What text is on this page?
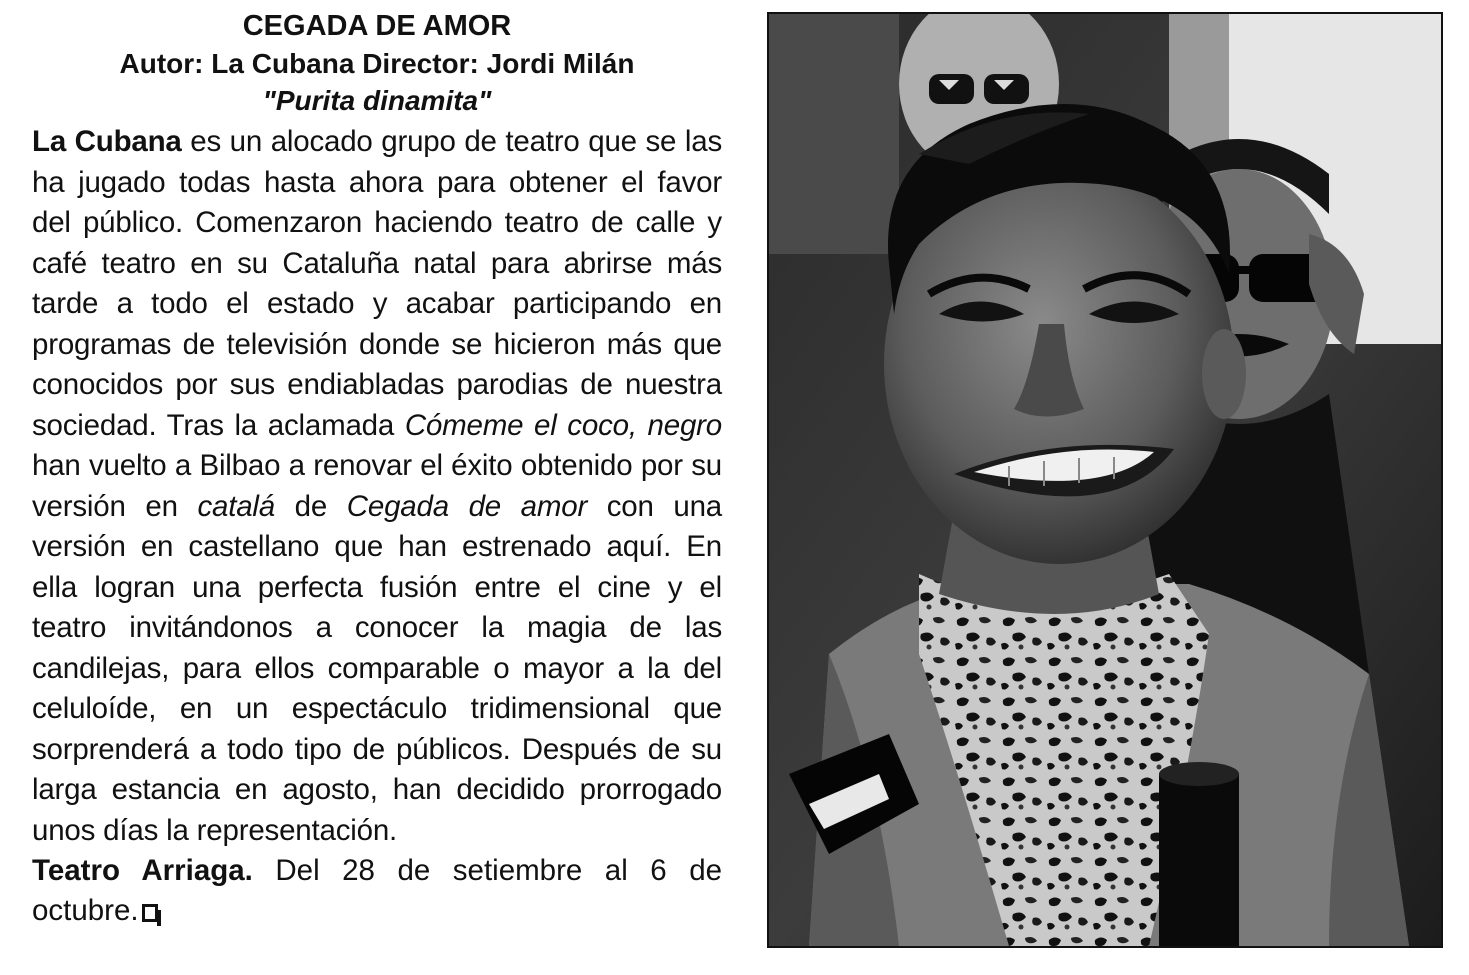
CEGADA DE AMOR
Autor: La Cubana Director: Jordi Milán
"Purita dinamita"

La Cubana es un alocado grupo de teatro que se las ha jugado todas hasta ahora para obtener el favor del público. Comenzaron haciendo teatro de calle y café teatro en su Cataluña natal para abrirse más tarde a todo el estado y acabar participando en programas de televisión donde se hicieron más que conocidos por sus endiabladas parodias de nuestra sociedad. Tras la aclamada Cómeme el coco, negro han vuelto a Bilbao a renovar el éxito obtenido por su versión en catalá de Cegada de amor con una versión en castellano que han estrenado aquí. En ella logran una perfecta fusión entre el cine y el teatro invitándonos a conocer la magia de las candilejas, para ellos comparable o mayor a la del celuloíde, en un espectáculo tridimensional que sorprenderá a todo tipo de públicos. Después de su larga estancia en agosto, han decidido prorrogado unos días la representación.

Teatro Arriaga. Del 28 de setiembre al 6 de octubre.
